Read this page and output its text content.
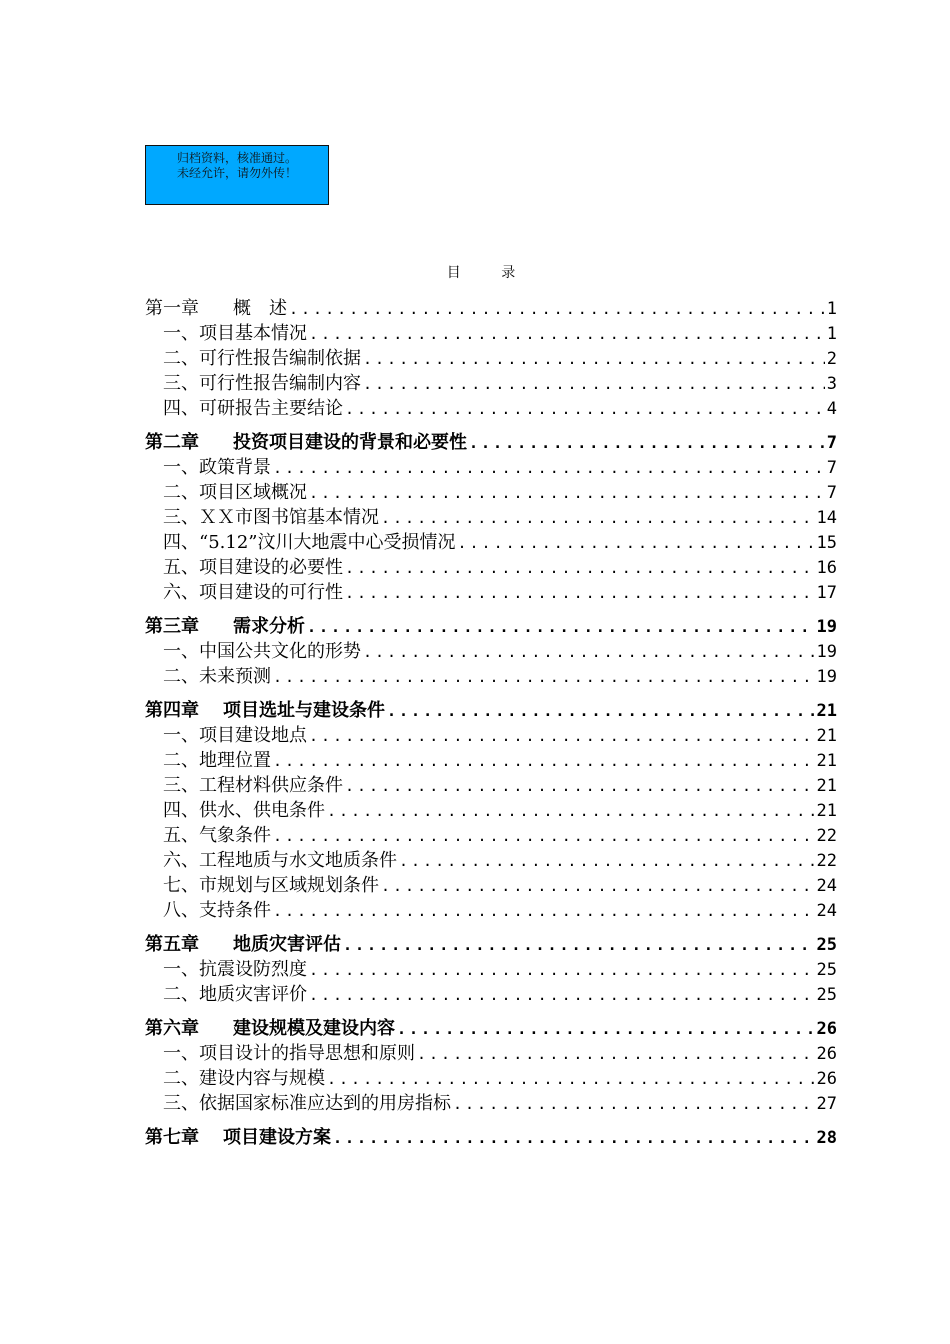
归档资料，核准通过。
未经允许，请勿外传！
目 录
第一章 概　述 .....	1
一、项目基本情况 .....	1
二、可行性报告编制依据 .....	2
三、可行性报告编制内容 .....	3
四、可研报告主要结论 .....	4
第二章 投资项目建设的背景和必要性 .....	7
一、政策背景 .....	7
二、项目区域概况 .....	7
三、ＸＸ市图书馆基本情况 .....	14
四、“5.12”汶川大地震中心受损情况 .....	15
五、项目建设的必要性 .....	16
六、项目建设的可行性 .....	17
第三章 需求分析 .....	19
一、中国公共文化的形势 .....	19
二、未来预测 .....	19
第四章 项目选址与建设条件 .....	21
一、项目建设地点 .....	21
二、地理位置 .....	21
三、工程材料供应条件 .....	21
四、供水、供电条件 .....	21
五、气象条件 .....	22
六、工程地质与水文地质条件 .....	22
七、市规划与区域规划条件 .....	24
八、支持条件 .....	24
第五章 地质灾害评估 .....	25
一、抗震设防烈度 .....	25
二、地质灾害评价 .....	25
第六章 建设规模及建设内容 .....	26
一、项目设计的指导思想和原则 .....	26
二、建设内容与规模 .....	26
三、依据国家标准应达到的用房指标 .....	27
第七章 项目建设方案 .....	28
